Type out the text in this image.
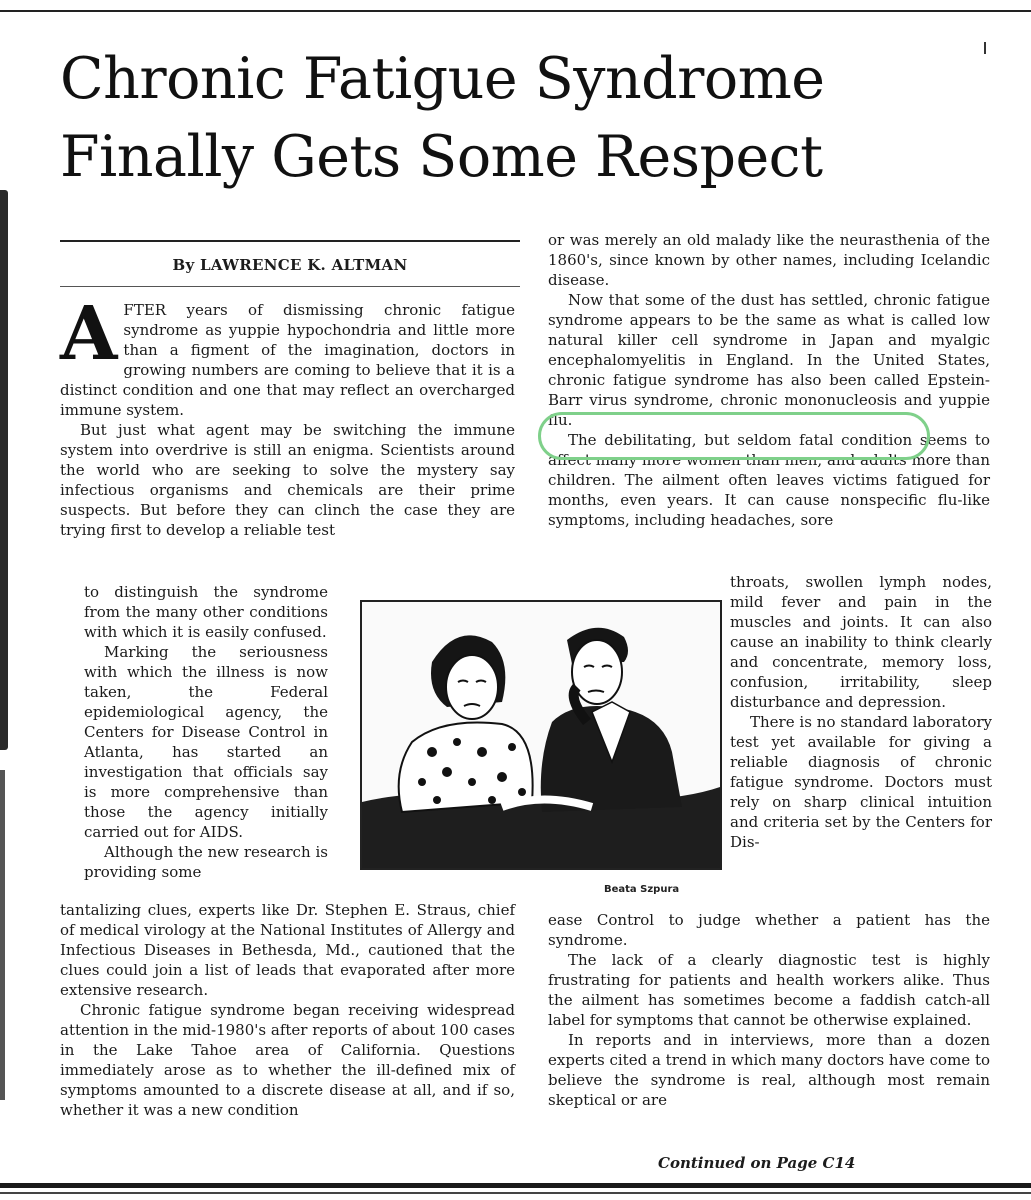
Chronic Fatigue Syndrome
Finally Gets Some Respect
By LAWRENCE K. ALTMAN

AFTER years of dismissing chronic fatigue syndrome as yuppie hypochondria and little more than a figment of the imagination, doctors in growing numbers are coming to believe that it is a distinct condition and one that may reflect an overcharged immune system.

But just what agent may be switching the immune system into overdrive is still an enigma. Scientists around the world who are seeking to solve the mystery say infectious organisms and chemicals are their prime suspects. But before they can clinch the case they are trying first to develop a reliable test

to distinguish the syndrome from the many other conditions with which it is easily confused.

Marking the seriousness with which the illness is now taken, the Federal epidemiological agency, the Centers for Disease Control in Atlanta, has started an investigation that officials say is more comprehensive than those the agency initially carried out for AIDS.

Although the new research is providing some

tantalizing clues, experts like Dr. Stephen E. Straus, chief of medical virology at the National Institutes of Allergy and Infectious Diseases in Bethesda, Md., cautioned that the clues could join a list of leads that evaporated after more extensive research.

Chronic fatigue syndrome began receiving widespread attention in the mid-1980's after reports of about 100 cases in the Lake Tahoe area of California. Questions immediately arose as to whether the ill-defined mix of symptoms amounted to a discrete disease at all, and if so, whether it was a new condition

or was merely an old malady like the neurasthenia of the 1860's, since known by other names, including Icelandic disease.

Now that some of the dust has settled, chronic fatigue syndrome appears to be the same as what is called low natural killer cell syndrome in Japan and myalgic encephalomyelitis in England. In the United States, chronic fatigue syndrome has also been called Epstein-Barr virus syndrome, chronic mononucleosis and yuppie flu.

The debilitating, but seldom fatal condition seems to affect many more women than men, and adults more than children. The ailment often leaves victims fatigued for months, even years. It can cause nonspecific flu-like symptoms, including headaches, sore

throats, swollen lymph nodes, mild fever and pain in the muscles and joints. It can also cause an inability to think clearly and concentrate, memory loss, confusion, irritability, sleep disturbance and depression.

There is no standard laboratory test yet available for giving a reliable diagnosis of chronic fatigue syndrome. Doctors must rely on sharp clinical intuition and criteria set by the Centers for Dis-

ease Control to judge whether a patient has the syndrome.

The lack of a clearly diagnostic test is highly frustrating for patients and health workers alike. Thus the ailment has sometimes become a faddish catch-all label for symptoms that cannot be otherwise explained.

In reports and in interviews, more than a dozen experts cited a trend in which many doctors have come to believe the syndrome is real, although most remain skeptical or are

Beata Szpura
Continued on Page C14
